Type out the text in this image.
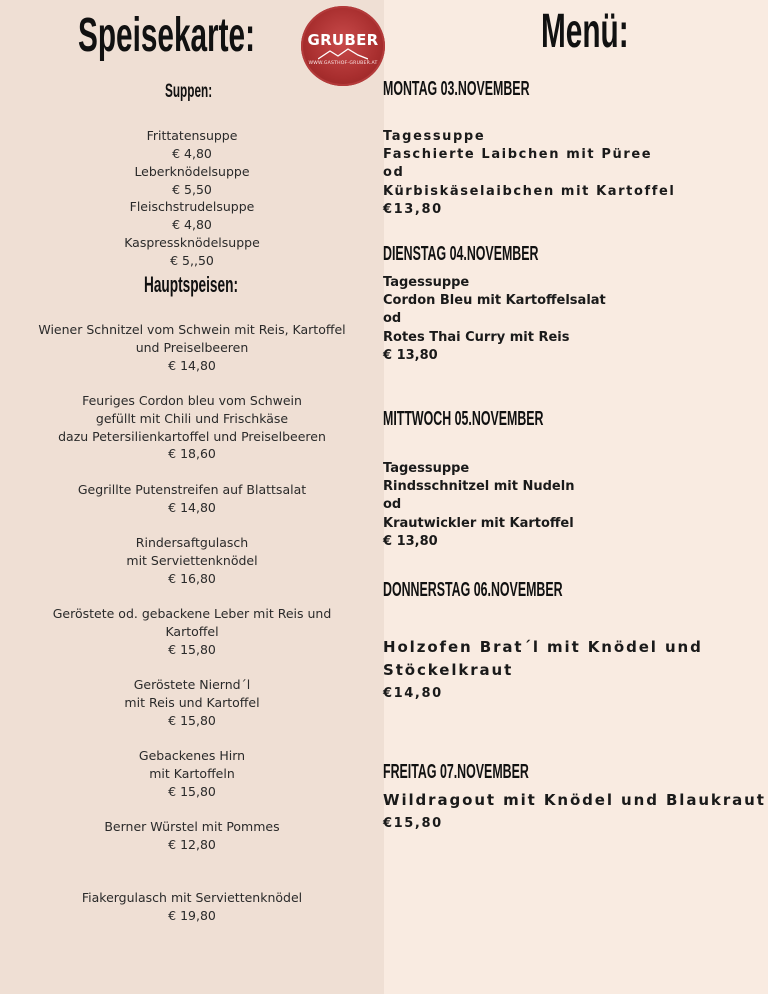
Speisekarte:	GRUBER
WWW.GASTHOF-GRUBER.AT
Suppen:
Frittatensuppe
€ 4,80
Leberknödelsuppe
€ 5,50
Fleischstrudelsuppe
€ 4,80
Kaspressknödelsuppe
€ 5,,50
Hauptspeisen:
Wiener Schnitzel vom Schwein mit Reis, Kartoffel
und Preiselbeeren
€ 14,80
Feuriges Cordon bleu vom Schwein
gefüllt mit Chili und Frischkäse
dazu Petersilienkartoffel und Preiselbeeren
€ 18,60
Gegrillte Putenstreifen auf Blattsalat
€ 14,80
Rindersaftgulasch
mit Serviettenknödel
€ 16,80
Geröstete od. gebackene Leber mit Reis und
Kartoffel
€ 15,80
Geröstete Niernd´l
mit Reis und Kartoffel
€ 15,80
Gebackenes Hirn
mit Kartoffeln
€ 15,80
Berner Würstel mit Pommes
€ 12,80
Fiakergulasch mit Serviettenknödel
€ 19,80
Menü:
MONTAG 03.NOVEMBER
Tagessuppe
Faschierte Laibchen mit Püree
od
Kürbiskäselaibchen mit Kartoffel
€13,80
DIENSTAG 04.NOVEMBER
Tagessuppe
Cordon Bleu mit Kartoffelsalat
od
Rotes Thai Curry mit Reis
€ 13,80
MITTWOCH 05.NOVEMBER
Tagessuppe
Rindsschnitzel mit Nudeln
od
Krautwickler mit Kartoffel
€ 13,80
DONNERSTAG 06.NOVEMBER
Holzofen Brat´l mit Knödel und
Stöckelkraut
€14,80
FREITAG 07.NOVEMBER
Wildragout mit Knödel und Blaukraut
€15,80
